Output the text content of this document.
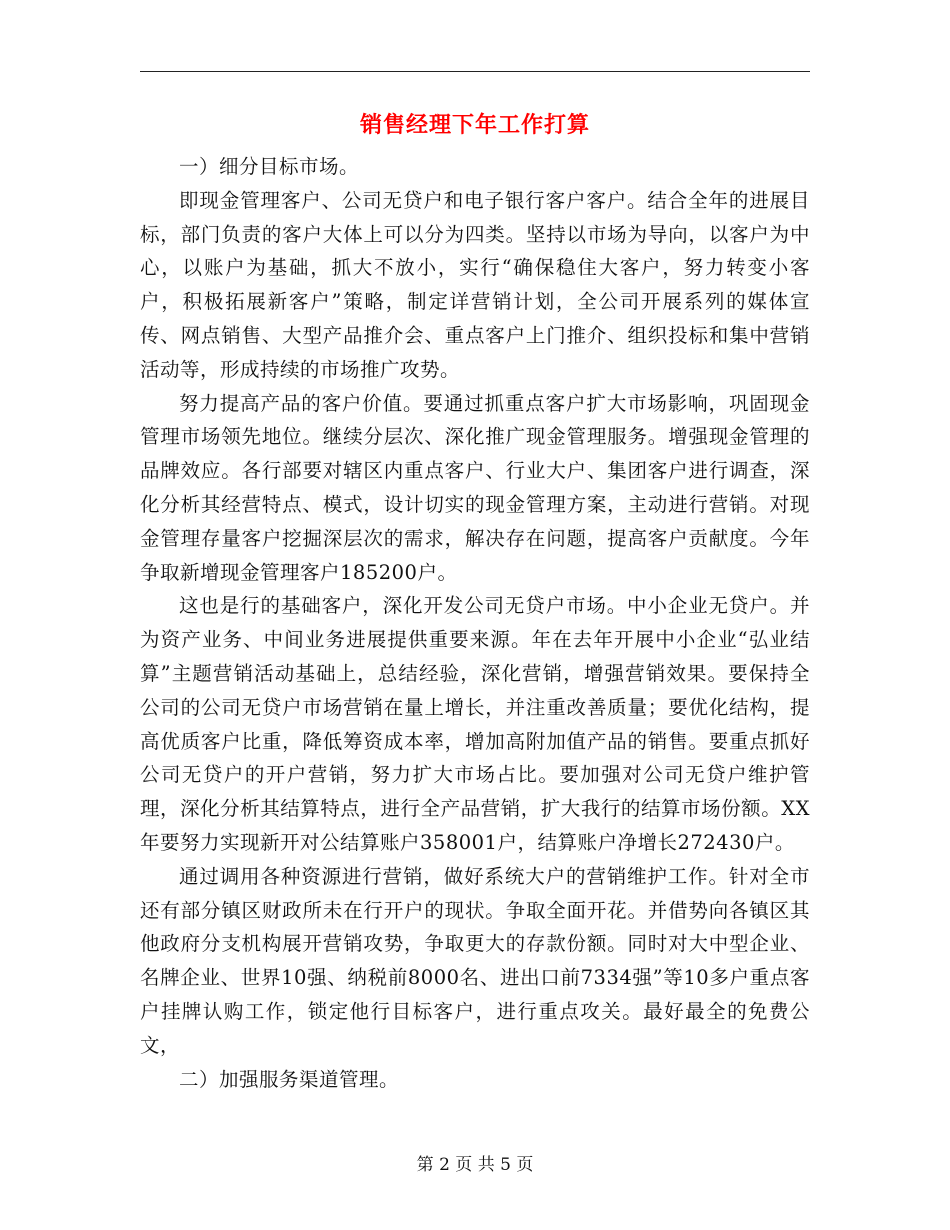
销售经理下年工作打算

一）细分目标市场。

即现金管理客户、公司无贷户和电子银行客户客户。结合全年的进展目标，部门负责的客户大体上可以分为四类。坚持以市场为导向，以客户为中心，以账户为基础，抓大不放小，实行“确保稳住大客户，努力转变小客户，积极拓展新客户”策略，制定详营销计划，全公司开展系列的媒体宣传、网点销售、大型产品推介会、重点客户上门推介、组织投标和集中营销活动等，形成持续的市场推广攻势。

努力提高产品的客户价值。要通过抓重点客户扩大市场影响，巩固现金管理市场领先地位。继续分层次、深化推广现金管理服务。增强现金管理的品牌效应。各行部要对辖区内重点客户、行业大户、集团客户进行调查，深化分析其经营特点、模式，设计切实的现金管理方案，主动进行营销。对现金管理存量客户挖掘深层次的需求，解决存在问题，提高客户贡献度。今年争取新增现金管理客户185200户。

这也是行的基础客户，深化开发公司无贷户市场。中小企业无贷户。并为资产业务、中间业务进展提供重要来源。年在去年开展中小企业“弘业结算”主题营销活动基础上，总结经验，深化营销，增强营销效果。要保持全公司的公司无贷户市场营销在量上增长，并注重改善质量；要优化结构，提高优质客户比重，降低筹资成本率，增加高附加值产品的销售。要重点抓好公司无贷户的开户营销，努力扩大市场占比。要加强对公司无贷户维护管理，深化分析其结算特点，进行全产品营销，扩大我行的结算市场份额。XX年要努力实现新开对公结算账户358001户，结算账户净增长272430户。

通过调用各种资源进行营销，做好系统大户的营销维护工作。针对全市还有部分镇区财政所未在行开户的现状。争取全面开花。并借势向各镇区其他政府分支机构展开营销攻势，争取更大的存款份额。同时对大中型企业、名牌企业、世界10强、纳税前8000名、进出口前7334强”等10多户重点客户挂牌认购工作，锁定他行目标客户，进行重点攻关。最好最全的免费公文，

二）加强服务渠道管理。

第 2 页 共 5 页
